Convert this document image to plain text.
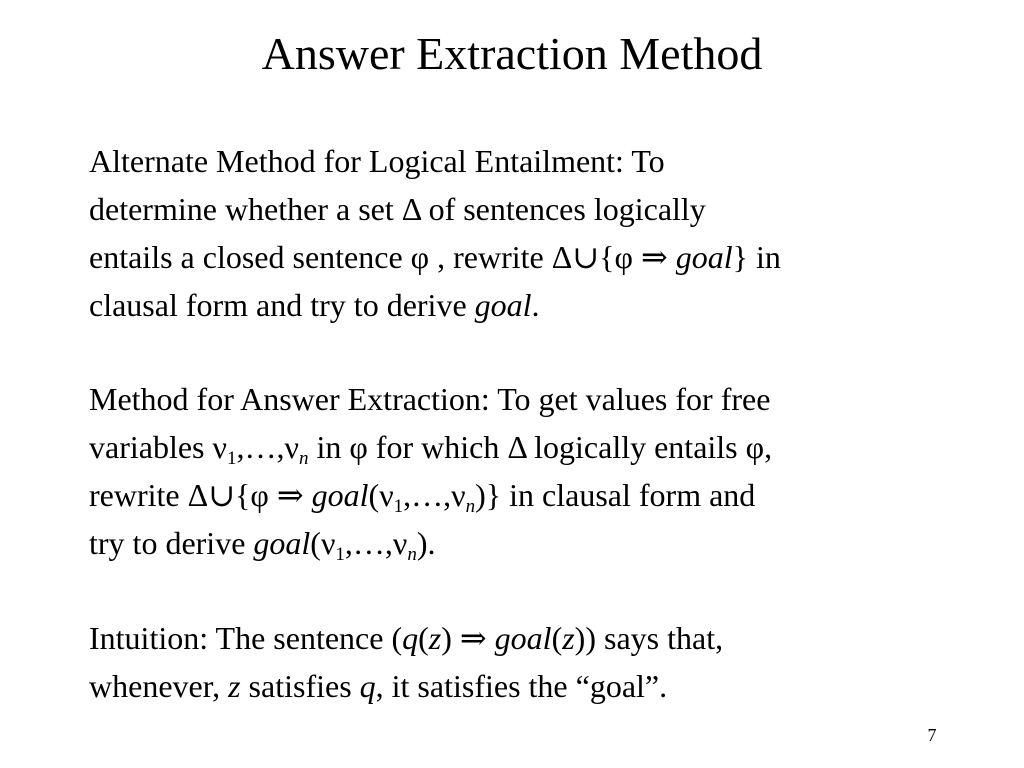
Answer Extraction Method
Alternate Method for Logical Entailment: To
determine whether a set Δ of sentences logically
entails a closed sentence φ , rewrite Δ∪{φ ⇒ goal} in
clausal form and try to derive goal.
Method for Answer Extraction: To get values for free
variables $\nu_1,\dots,\nu_n$ in φ for which Δ logically entails φ,
rewrite Δ∪{φ ⇒ $goal(\nu_1,\dots,\nu_n)$} in clausal form and
try to derive $goal(\nu_1,\dots,\nu_n)$.
Intuition: The sentence (q(z) ⇒ goal(z)) says that,
whenever, z satisfies q, it satisfies the “goal”.
7
